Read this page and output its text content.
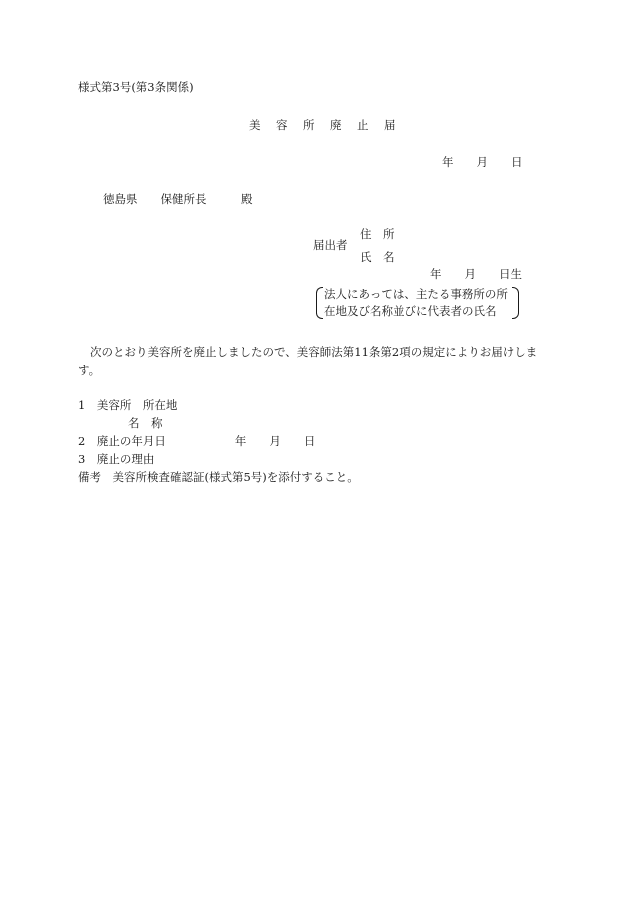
様式第3号(第3条関係)
美　容　所　廃　止　届
年　　月　　日
徳島県　　保健所長　　　殿
届出者
住　所
氏　名
年　　月　　日生
法人にあっては、主たる事務所の所
在地及び名称並びに代表者の氏名
次のとおり美容所を廃止しましたので、美容師法第11条第2項の規定によりお届けします。
1　美容所　所在地
名　称
2　廃止の年月日　　　　　　年　　月　　日
3　廃止の理由
備考　美容所検査確認証(様式第5号)を添付すること。
